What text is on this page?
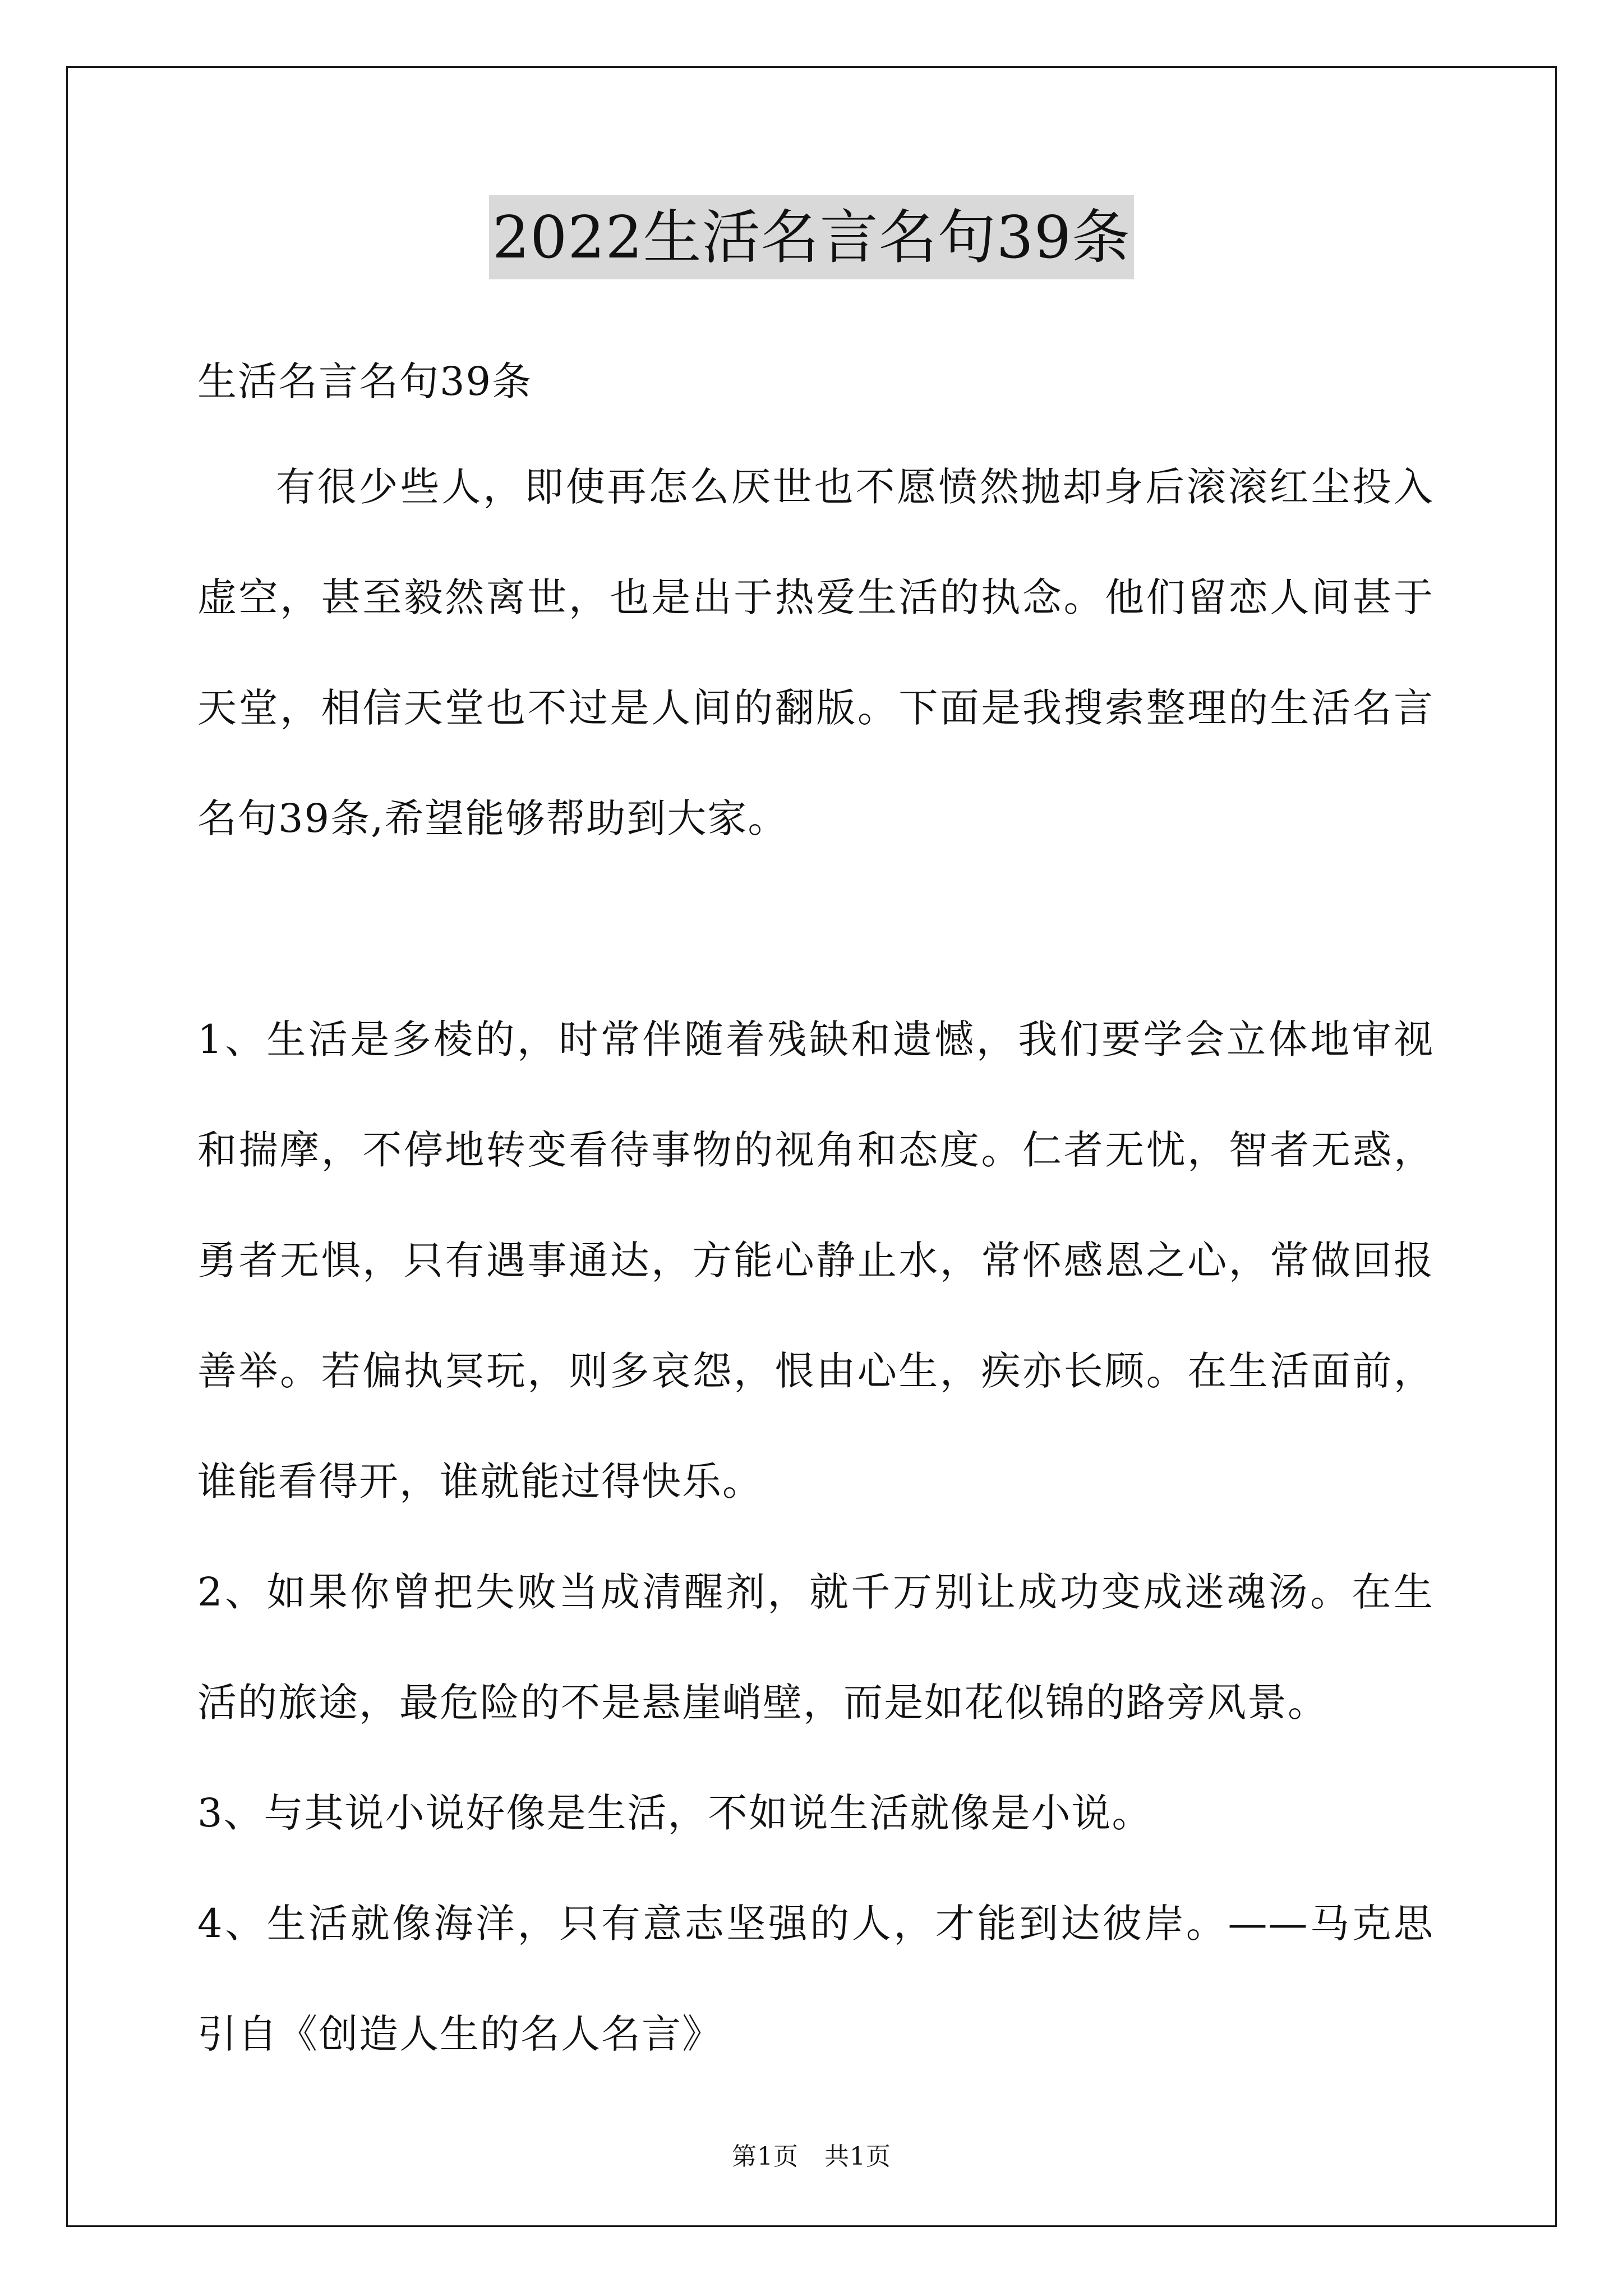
2022生活名言名句39条

生活名言名句39条

有很少些人，即使再怎么厌世也不愿愤然抛却身后滚滚红尘投入虚空，甚至毅然离世，也是出于热爱生活的执念。他们留恋人间甚于天堂，相信天堂也不过是人间的翻版。下面是我搜索整理的生活名言名句39条,希望能够帮助到大家。

1、生活是多棱的，时常伴随着残缺和遗憾，我们要学会立体地审视和揣摩，不停地转变看待事物的视角和态度。仁者无忧，智者无惑，勇者无惧，只有遇事通达，方能心静止水，常怀感恩之心，常做回报善举。若偏执冥玩，则多哀怨，恨由心生，疾亦长顾。在生活面前，谁能看得开，谁就能过得快乐。

2、如果你曾把失败当成清醒剂，就千万别让成功变成迷魂汤。在生活的旅途，最危险的不是悬崖峭壁，而是如花似锦的路旁风景。

3、与其说小说好像是生活，不如说生活就像是小说。

4、生活就像海洋，只有意志坚强的人，才能到达彼岸。——马克思引自《创造人生的名人名言》

第1页 共1页
